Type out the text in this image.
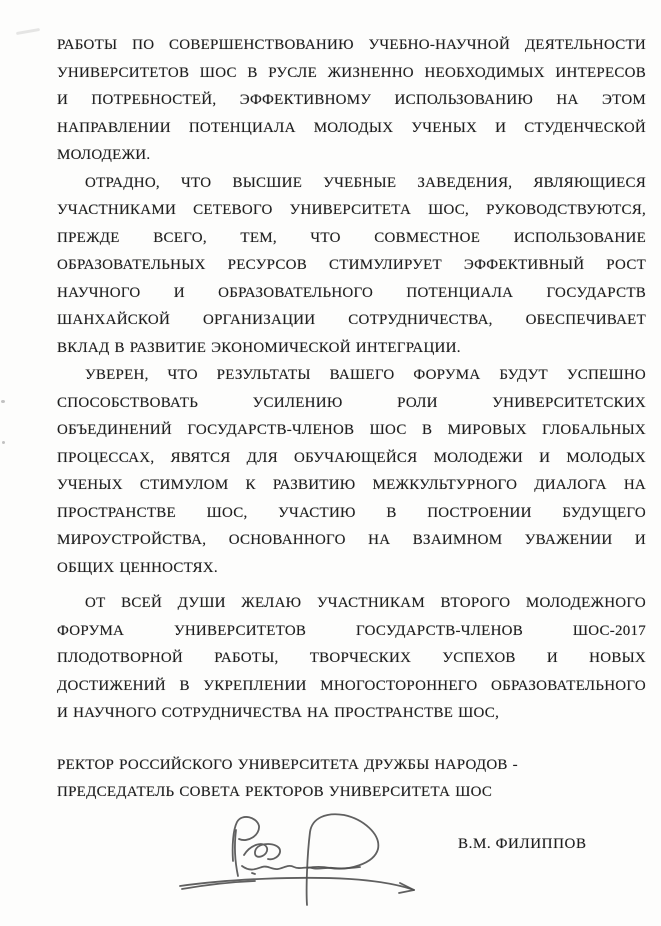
РАБОТЫ ПО СОВЕРШЕНСТВОВАНИЮ УЧЕБНО-НАУЧНОЙ ДЕЯТЕЛЬНОСТИ
УНИВЕРСИТЕТОВ ШОС В РУСЛЕ ЖИЗНЕННО НЕОБХОДИМЫХ ИНТЕРЕСОВ
И ПОТРЕБНОСТЕЙ, ЭФФЕКТИВНОМУ ИСПОЛЬЗОВАНИЮ НА ЭТОМ
НАПРАВЛЕНИИ ПОТЕНЦИАЛА МОЛОДЫХ УЧЕНЫХ И СТУДЕНЧЕСКОЙ
МОЛОДЕЖИ.
ОТРАДНО, ЧТО ВЫСШИЕ УЧЕБНЫЕ ЗАВЕДЕНИЯ, ЯВЛЯЮЩИЕСЯ
УЧАСТНИКАМИ СЕТЕВОГО УНИВЕРСИТЕТА ШОС, РУКОВОДСТВУЮТСЯ,
ПРЕЖДЕ ВСЕГО, ТЕМ, ЧТО СОВМЕСТНОЕ ИСПОЛЬЗОВАНИЕ
ОБРАЗОВАТЕЛЬНЫХ РЕСУРСОВ СТИМУЛИРУЕТ ЭФФЕКТИВНЫЙ РОСТ
НАУЧНОГО И ОБРАЗОВАТЕЛЬНОГО ПОТЕНЦИАЛА ГОСУДАРСТВ
ШАНХАЙСКОЙ ОРГАНИЗАЦИИ СОТРУДНИЧЕСТВА, ОБЕСПЕЧИВАЕТ
ВКЛАД В РАЗВИТИЕ ЭКОНОМИЧЕСКОЙ ИНТЕГРАЦИИ.
УВЕРЕН, ЧТО РЕЗУЛЬТАТЫ ВАШЕГО ФОРУМА БУДУТ УСПЕШНО
СПОСОБСТВОВАТЬ УСИЛЕНИЮ РОЛИ УНИВЕРСИТЕТСКИХ
ОБЪЕДИНЕНИЙ ГОСУДАРСТВ-ЧЛЕНОВ ШОС В МИРОВЫХ ГЛОБАЛЬНЫХ
ПРОЦЕССАХ, ЯВЯТСЯ ДЛЯ ОБУЧАЮЩЕЙСЯ МОЛОДЕЖИ И МОЛОДЫХ
УЧЕНЫХ СТИМУЛОМ К РАЗВИТИЮ МЕЖКУЛЬТУРНОГО ДИАЛОГА НА
ПРОСТРАНСТВЕ ШОС, УЧАСТИЮ В ПОСТРОЕНИИ БУДУЩЕГО
МИРОУСТРОЙСТВА, ОСНОВАННОГО НА ВЗАИМНОМ УВАЖЕНИИ И
ОБЩИХ ЦЕННОСТЯХ.
ОТ ВСЕЙ ДУШИ ЖЕЛАЮ УЧАСТНИКАМ ВТОРОГО МОЛОДЕЖНОГО
ФОРУМА УНИВЕРСИТЕТОВ ГОСУДАРСТВ-ЧЛЕНОВ ШОС-2017
ПЛОДОТВОРНОЙ РАБОТЫ, ТВОРЧЕСКИХ УСПЕХОВ И НОВЫХ
ДОСТИЖЕНИЙ В УКРЕПЛЕНИИ МНОГОСТОРОННЕГО ОБРАЗОВАТЕЛЬНОГО
И НАУЧНОГО СОТРУДНИЧЕСТВА НА ПРОСТРАНСТВЕ ШОС,
РЕКТОР РОССИЙСКОГО УНИВЕРСИТЕТА ДРУЖБЫ НАРОДОВ -
ПРЕДСЕДАТЕЛЬ СОВЕТА РЕКТОРОВ УНИВЕРСИТЕТА ШОС
В.М. ФИЛИППОВ
